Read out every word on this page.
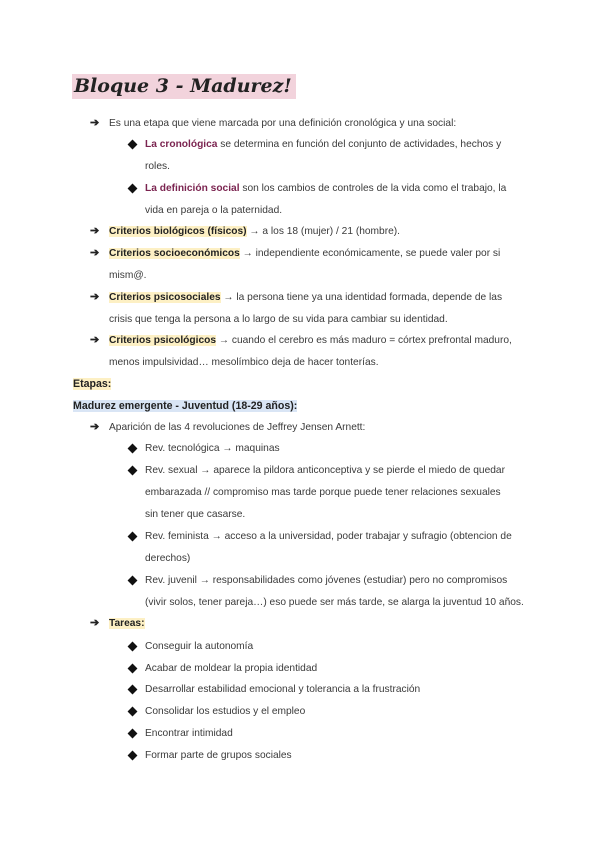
Bloque 3 - Madurez!
➔ Es una etapa que viene marcada por una definición cronológica y una social:
La cronológica se determina en función del conjunto de actividades, hechos y
roles.
La definición social son los cambios de controles de la vida como el trabajo, la
vida en pareja o la paternidad.
➔ Criterios biológicos (físicos) → a los 18 (mujer) / 21 (hombre).
➔ Criterios socioeconómicos → independiente económicamente, se puede valer por si
mism@.
➔ Criterios psicosociales → la persona tiene ya una identidad formada, depende de las
crisis que tenga la persona a lo largo de su vida para cambiar su identidad.
➔ Criterios psicológicos → cuando el cerebro es más maduro = córtex prefrontal maduro,
menos impulsividad… mesolímbico deja de hacer tonterías.
Etapas:
Madurez emergente - Juventud (18-29 años):
➔ Aparición de las 4 revoluciones de Jeffrey Jensen Arnett:
Rev. tecnológica → maquinas
Rev. sexual → aparece la pildora anticonceptiva y se pierde el miedo de quedar
embarazada // compromiso mas tarde porque puede tener relaciones sexuales
sin tener que casarse.
Rev. feminista → acceso a la universidad, poder trabajar y sufragio (obtencion de
derechos)
Rev. juvenil → responsabilidades como jóvenes (estudiar) pero no compromisos
(vivir solos, tener pareja…) eso puede ser más tarde, se alarga la juventud 10 años.
➔ Tareas:
Conseguir la autonomía
Acabar de moldear la propia identidad
Desarrollar estabilidad emocional y tolerancia a la frustración
Consolidar los estudios y el empleo
Encontrar intimidad
Formar parte de grupos sociales
